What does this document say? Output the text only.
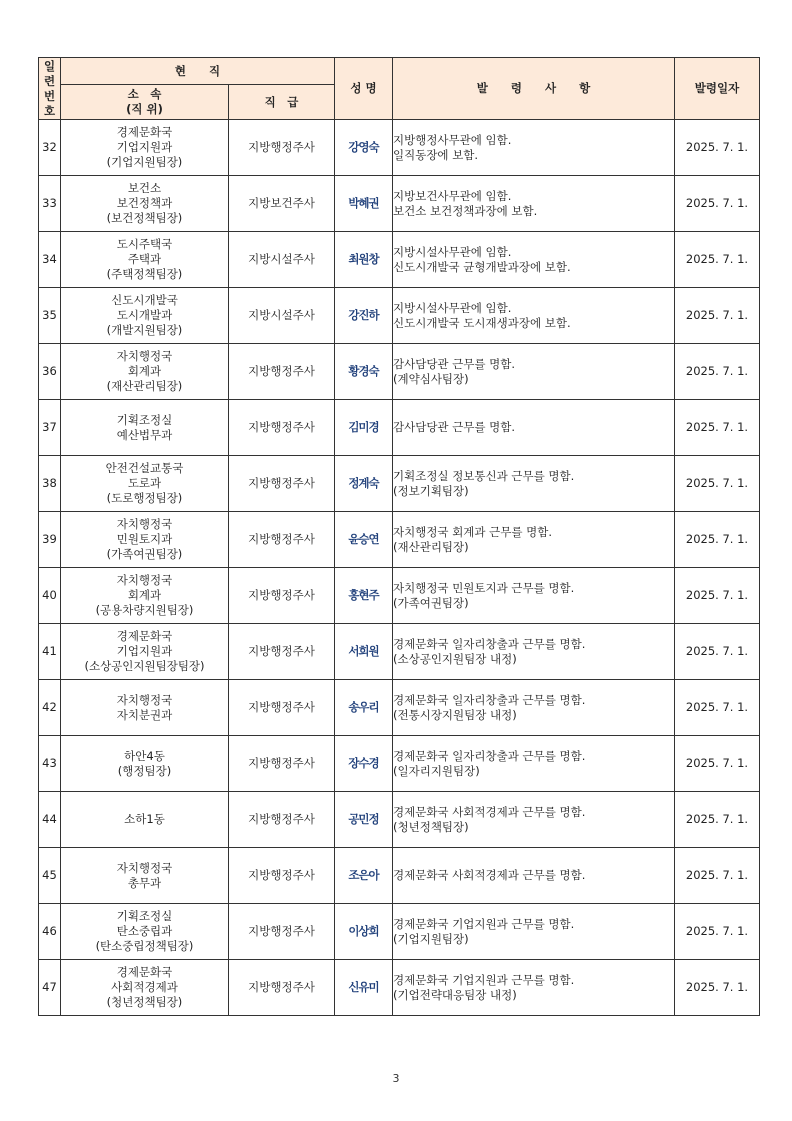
일
련
번
호	현　　직		성 명	발　　령　　사　　항	발령일자

	소　속
(직 위)	직　급			
32	경제문화국
기업지원과
(기업지원팀장)	지방행정주사	강영숙	지방행정사무관에 임함.
일직동장에 보함.	2025. 7. 1.
33	보건소
보건정책과
(보건정책팀장)	지방보건주사	박혜권	지방보건사무관에 임함.
보건소 보건정책과장에 보함.	2025. 7. 1.
34	도시주택국
주택과
(주택정책팀장)	지방시설주사	최원창	지방시설사무관에 임함.
신도시개발국 균형개발과장에 보함.	2025. 7. 1.
35	신도시개발국
도시개발과
(개발지원팀장)	지방시설주사	강진하	지방시설사무관에 임함.
신도시개발국 도시재생과장에 보함.	2025. 7. 1.
36	자치행정국
회계과
(재산관리팀장)	지방행정주사	황경숙	감사담당관 근무를 명함.
(계약심사팀장)	2025. 7. 1.
37	기획조정실
예산법무과	지방행정주사	김미경	감사담당관 근무를 명함.	2025. 7. 1.
38	안전건설교통국
도로과
(도로행정팀장)	지방행정주사	정계숙	기획조정실 정보통신과 근무를 명함.
(정보기획팀장)	2025. 7. 1.
39	자치행정국
민원토지과
(가족여권팀장)	지방행정주사	윤승연	자치행정국 회계과 근무를 명함.
(재산관리팀장)	2025. 7. 1.
40	자치행정국
회계과
(공용차량지원팀장)	지방행정주사	홍현주	자치행정국 민원토지과 근무를 명함.
(가족여권팀장)	2025. 7. 1.
41	경제문화국
기업지원과
(소상공인지원팀장팀장)	지방행정주사	서희원	경제문화국 일자리창출과 근무를 명함.
(소상공인지원팀장 내정)	2025. 7. 1.
42	자치행정국
자치분권과	지방행정주사	송우리	경제문화국 일자리창출과 근무를 명함.
(전통시장지원팀장 내정)	2025. 7. 1.
43	하안4동
(행정팀장)	지방행정주사	장수경	경제문화국 일자리창출과 근무를 명함.
(일자리지원팀장)	2025. 7. 1.
44	소하1동	지방행정주사	공민정	경제문화국 사회적경제과 근무를 명함.
(청년정책팀장)	2025. 7. 1.
45	자치행정국
총무과	지방행정주사	조은아	경제문화국 사회적경제과 근무를 명함.	2025. 7. 1.
46	기획조정실
탄소중립과
(탄소중립정책팀장)	지방행정주사	이상희	경제문화국 기업지원과 근무를 명함.
(기업지원팀장)	2025. 7. 1.
47	경제문화국
사회적경제과
(청년정책팀장)	지방행정주사	신유미	경제문화국 기업지원과 근무를 명함.
(기업전략대응팀장 내정)	2025. 7. 1.
3
